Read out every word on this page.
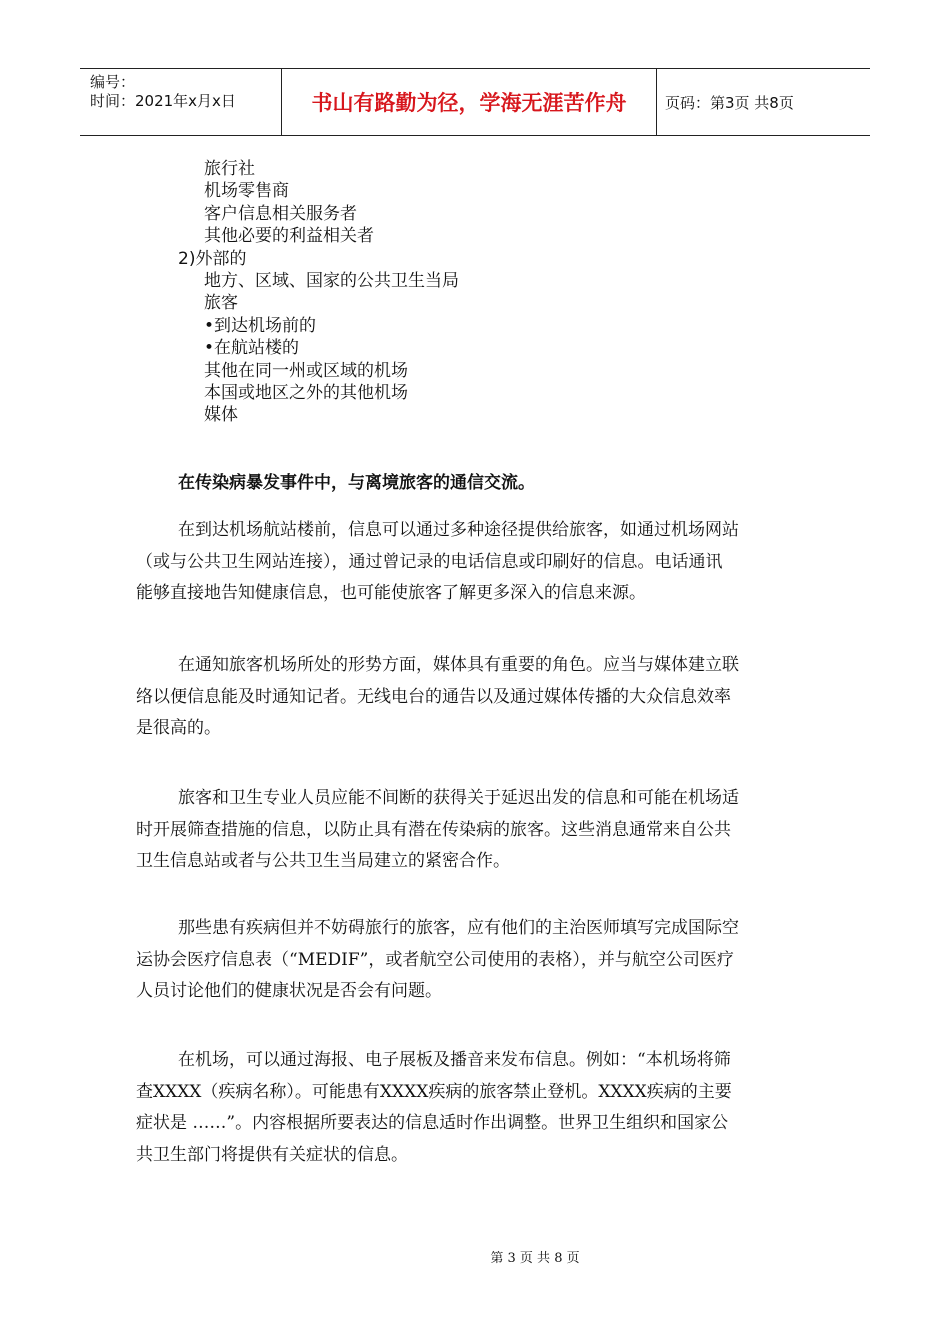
编号：
时间：2021年x月x日	书山有路勤为径，学海无涯苦作舟	页码：第3页 共8页
旅行社
机场零售商
客户信息相关服务者
其他必要的利益相关者
2)外部的
地方、区域、国家的公共卫生当局
旅客
•到达机场前的
•在航站楼的
其他在同一州或区域的机场
本国或地区之外的其他机场
媒体
在传染病暴发事件中，与离境旅客的通信交流。
在到达机场航站楼前，信息可以通过多种途径提供给旅客，如通过机场网站
（或与公共卫生网站连接），通过曾记录的电话信息或印刷好的信息。电话通讯
能够直接地告知健康信息，也可能使旅客了解更多深入的信息来源。
在通知旅客机场所处的形势方面，媒体具有重要的角色。应当与媒体建立联
络以便信息能及时通知记者。无线电台的通告以及通过媒体传播的大众信息效率
是很高的。
旅客和卫生专业人员应能不间断的获得关于延迟出发的信息和可能在机场适
时开展筛查措施的信息，以防止具有潜在传染病的旅客。这些消息通常来自公共
卫生信息站或者与公共卫生当局建立的紧密合作。
那些患有疾病但并不妨碍旅行的旅客，应有他们的主治医师填写完成国际空
运协会医疗信息表（“MEDIF”，或者航空公司使用的表格），并与航空公司医疗
人员讨论他们的健康状况是否会有问题。
在机场，可以通过海报、电子展板及播音来发布信息。例如：“本机场将筛
查XXXX（疾病名称）。可能患有XXXX疾病的旅客禁止登机。XXXX疾病的主要
症状是 ……”。内容根据所要表达的信息适时作出调整。世界卫生组织和国家公
共卫生部门将提供有关症状的信息。
第 3 页 共 8 页
